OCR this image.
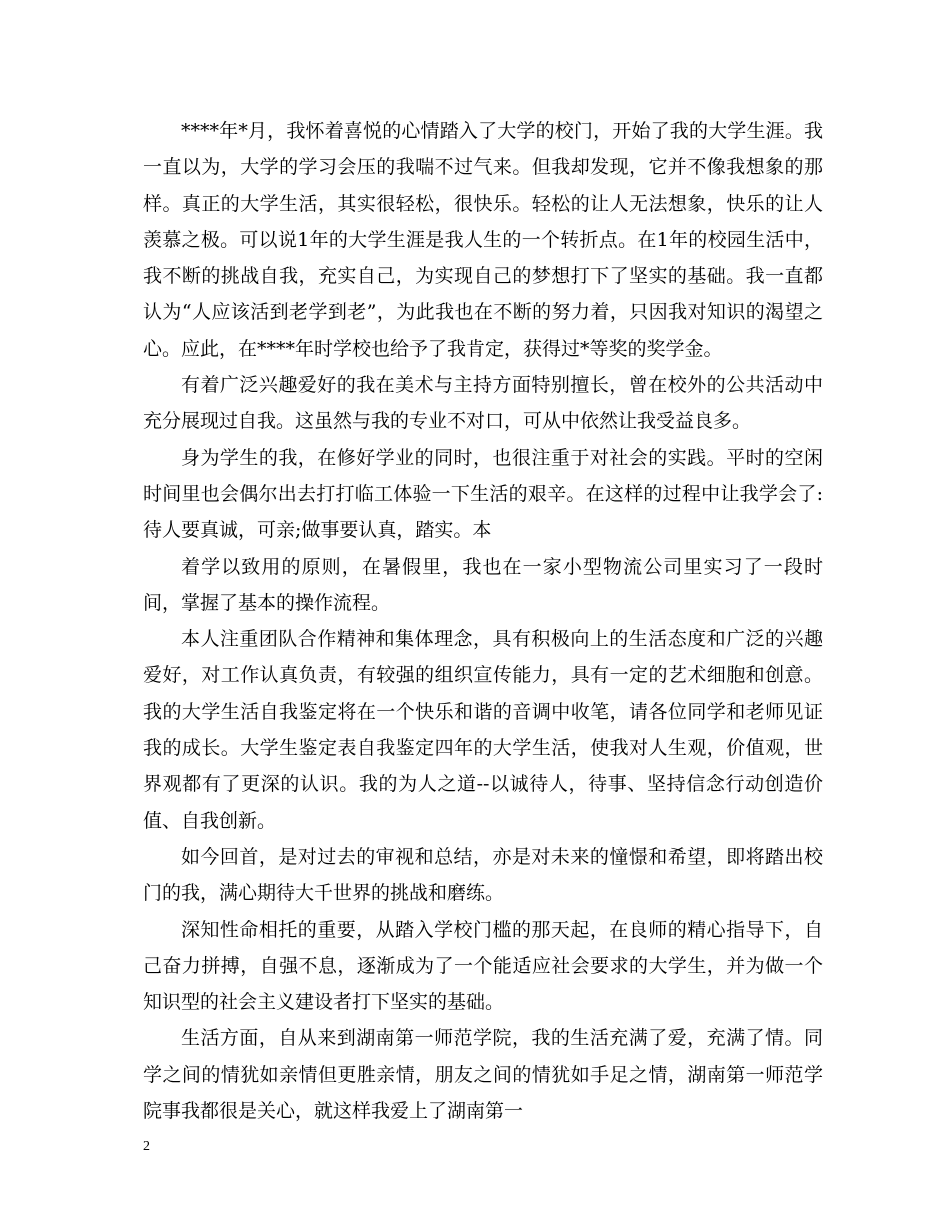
****年*月，我怀着喜悦的心情踏入了大学的校门，开始了我的大学生涯。我一直以为，大学的学习会压的我喘不过气来。但我却发现，它并不像我想象的那样。真正的大学生活，其实很轻松，很快乐。轻松的让人无法想象，快乐的让人羡慕之极。可以说1年的大学生涯是我人生的一个转折点。在1年的校园生活中，我不断的挑战自我，充实自己，为实现自己的梦想打下了坚实的基础。我一直都认为“人应该活到老学到老”，为此我也在不断的努力着，只因我对知识的渴望之心。应此，在****年时学校也给予了我肯定，获得过*等奖的奖学金。

有着广泛兴趣爱好的我在美术与主持方面特别擅长，曾在校外的公共活动中充分展现过自我。这虽然与我的专业不对口，可从中依然让我受益良多。

身为学生的我，在修好学业的同时，也很注重于对社会的实践。平时的空闲时间里也会偶尔出去打打临工体验一下生活的艰辛。在这样的过程中让我学会了:待人要真诚，可亲;做事要认真，踏实。本

着学以致用的原则，在暑假里，我也在一家小型物流公司里实习了一段时间，掌握了基本的操作流程。

本人注重团队合作精神和集体理念，具有积极向上的生活态度和广泛的兴趣爱好，对工作认真负责，有较强的组织宣传能力，具有一定的艺术细胞和创意。我的大学生活自我鉴定将在一个快乐和谐的音调中收笔，请各位同学和老师见证我的成长。大学生鉴定表自我鉴定四年的大学生活，使我对人生观，价值观，世界观都有了更深的认识。我的为人之道--以诚待人，待事、坚持信念行动创造价值、自我创新。

如今回首，是对过去的审视和总结，亦是对未来的憧憬和希望，即将踏出校门的我，满心期待大千世界的挑战和磨练。

深知性命相托的重要，从踏入学校门槛的那天起，在良师的精心指导下，自己奋力拼搏，自强不息，逐渐成为了一个能适应社会要求的大学生，并为做一个知识型的社会主义建设者打下坚实的基础。

生活方面，自从来到湖南第一师范学院，我的生活充满了爱，充满了情。同学之间的情犹如亲情但更胜亲情，朋友之间的情犹如手足之情，湖南第一师范学院事我都很是关心，就这样我爱上了湖南第一

2
